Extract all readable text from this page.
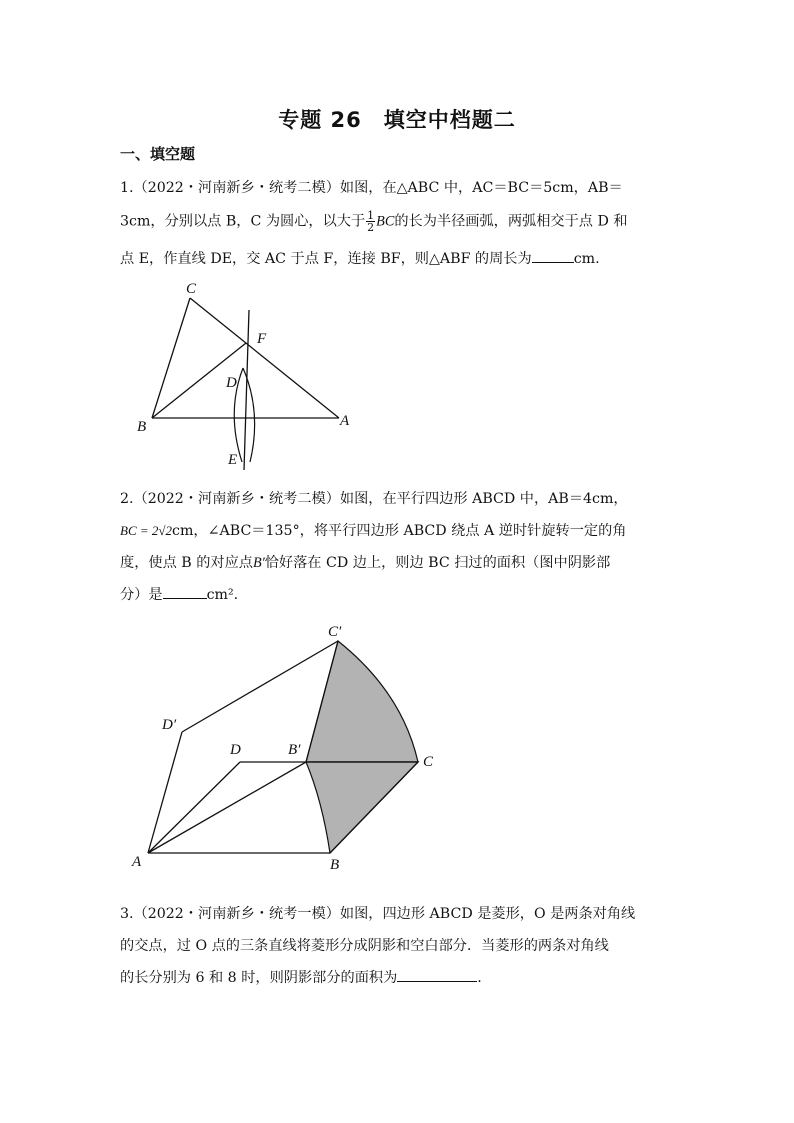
专题 26　填空中档题二
一、填空题
1.（2022・河南新乡・统考二模）如图，在△ABC 中，AC＝BC＝5cm，AB＝
3cm，分别以点 B，C 为圆心，以大于 $\frac{1}{2}$ BC的长为半径画弧，两弧相交于点 D 和
点 E，作直线 DE，交 AC 于点 F，连接 BF，则△ABF 的周长为	cm.
C
F
D
B	A
E
2.（2022・河南新乡・统考二模）如图，在平行四边形 ABCD 中，AB＝4cm，
BC = 2√2cm，∠ABC＝135°，将平行四边形 ABCD 绕点 A 逆时针旋转一定的角
度，使点 B 的对应点B′恰好落在 CD 边上，则边 BC 扫过的面积（图中阴影部
分）是	cm².
C′
D′
D	B′
C
A	B
3.（2022・河南新乡・统考一模）如图，四边形 ABCD 是菱形，O 是两条对角线
的交点，过 O 点的三条直线将菱形分成阴影和空白部分．当菱形的两条对角线
的长分别为 6 和 8 时，则阴影部分的面积为	.
